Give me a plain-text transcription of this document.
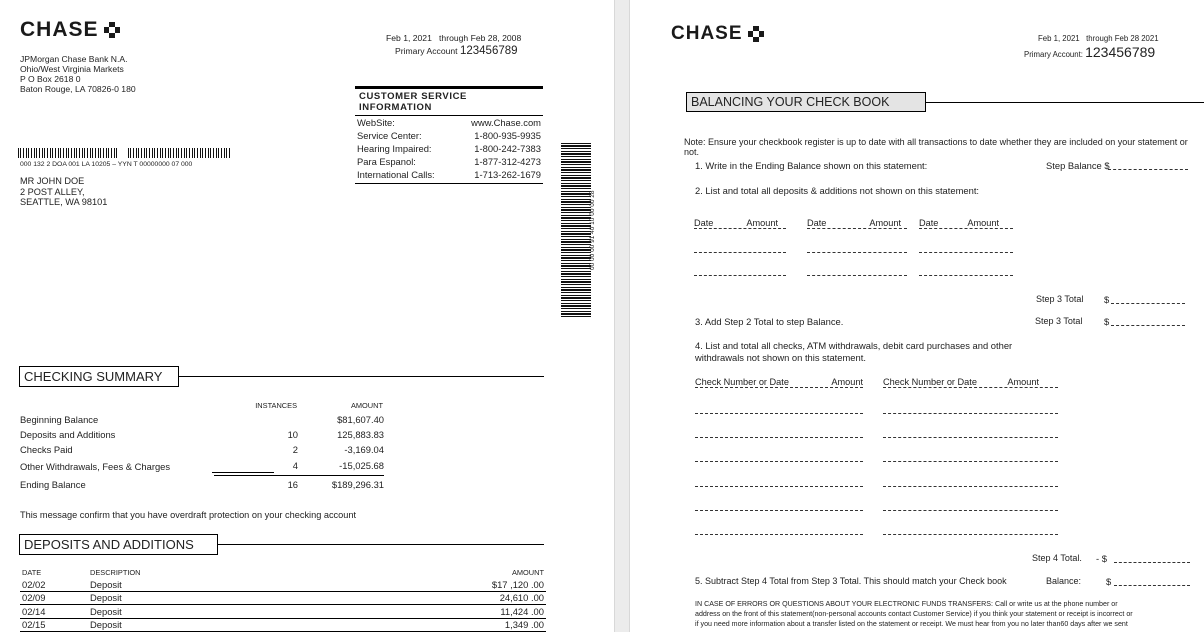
CHASE
JPMorgan Chase Bank N.A.
Ohio/West Virginia Markets
P O Box 2618 0
Baton Rouge, LA 70826-0 180
Feb 1, 2021 through Feb 28, 2008
Primary Account 123456789
000 132 2 DOA 001 LA 10205 – YYN T 00000000 07 000
MR JOHN DOE
2 POST ALLEY,
SEATTLE, WA 98101
CUSTOMER SERVICE INFORMATION
WebSite:	www.Chase.com
Service Center:	1-800-935-9935
Hearing Impaired:	1-800-242-7383
Para Espanol:	1-877-312-4273
International Calls:	1-713-262-1679
00 00 00 91 40 10 00 00 28
CHECKING SUMMARY
	INSTANCES	AMOUNT
Beginning Balance		$81,607.40
Deposits and Additions	10	125,883.83
Checks Paid	2	-3,169.04
Other Withdrawals, Fees & Charges	4	-15,025.68
Ending Balance	16	$189,296.31
This message confirm that you have overdraft protection on your checking account
DEPOSITS AND ADDITIONS
DATE	DESCRIPTION	AMOUNT
02/02	Deposit	$17 ,120 .00
02/09	Deposit	24,610 .00
02/14	Deposit	11,424 .00
02/15	Deposit	1,349 .00
CHASE	Feb 1, 2021 through Feb 28 2021
Primary Account: 123456789
BALANCING YOUR CHECK BOOK
Note: Ensure your checkbook register is up to date with all transactions to date whether they are included on your statement or not.
1. Write in the Ending Balance shown on this statement:	Step Balance $
2. List and total all deposits & additions not shown on this statement:
Date	Amount	Date	Amount Date	Amount
Step 3 Total $
3. Add Step 2 Total to step Balance.	Step 3 Total $
4. List and total all checks, ATM withdrawals, debit card purchases and other
withdrawals not shown on this statement.
Check Number or Date	Amount Check Number or Date	Amount
Step 4 Total. - $
5. Subtract Step 4 Total from Step 3 Total. This should match your Check book	Balance:	$
IN CASE OF ERRORS OR QUESTIONS ABOUT YOUR ELECTRONIC FUNDS TRANSFERS: Call or write us at the phone number or
address on the front of this statement(non-personal accounts contact Customer Service) if you think your statement or receipt is incorrect or
if you need more information about a transfer listed on the statement or receipt. We must hear from you no later than60 days after we sent
